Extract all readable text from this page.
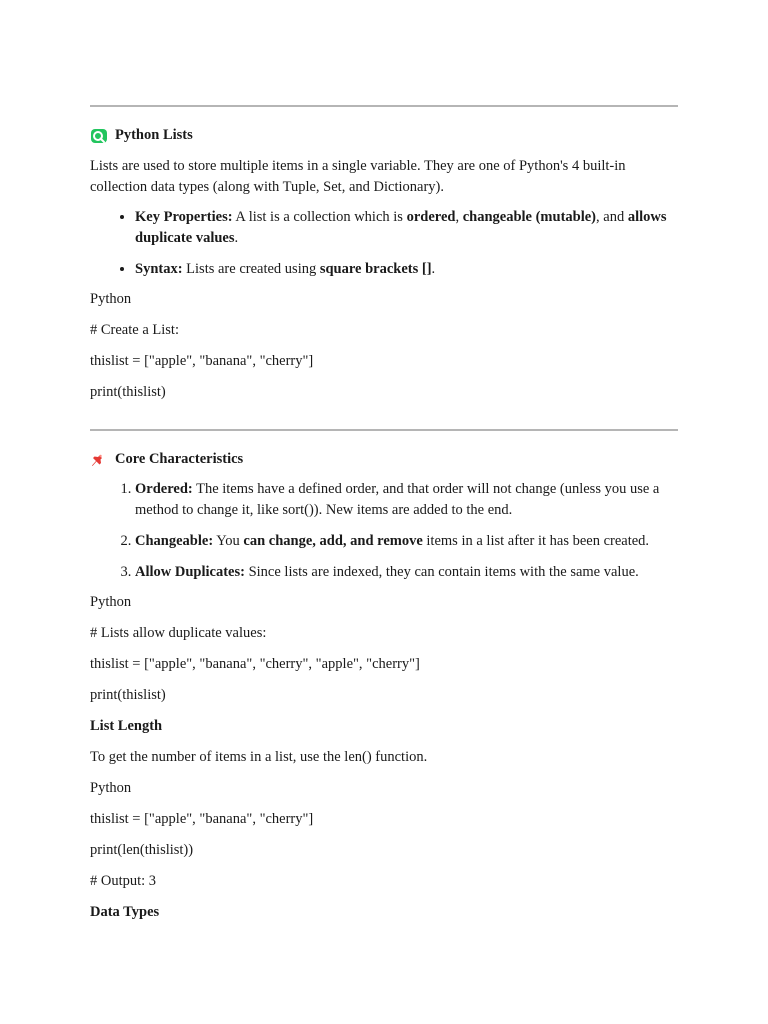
Python Lists

Lists are used to store multiple items in a single variable. They are one of Python's 4 built-in collection data types (along with Tuple, Set, and Dictionary).

• Key Properties: A list is a collection which is ordered, changeable (mutable), and allows duplicate values.
• Syntax: Lists are created using square brackets [].

Python

# Create a List:

thislist = ["apple", "banana", "cherry"]

print(thislist)

Core Characteristics
1. Ordered: The items have a defined order, and that order will not change (unless you use a method to change it, like sort()). New items are added to the end.
2. Changeable: You can change, add, and remove items in a list after it has been created.
3. Allow Duplicates: Since lists are indexed, they can contain items with the same value.

Python

# Lists allow duplicate values:

thislist = ["apple", "banana", "cherry", "apple", "cherry"]

print(thislist)

List Length

To get the number of items in a list, use the len() function.

Python

thislist = ["apple", "banana", "cherry"]

print(len(thislist))

# Output: 3

Data Types
